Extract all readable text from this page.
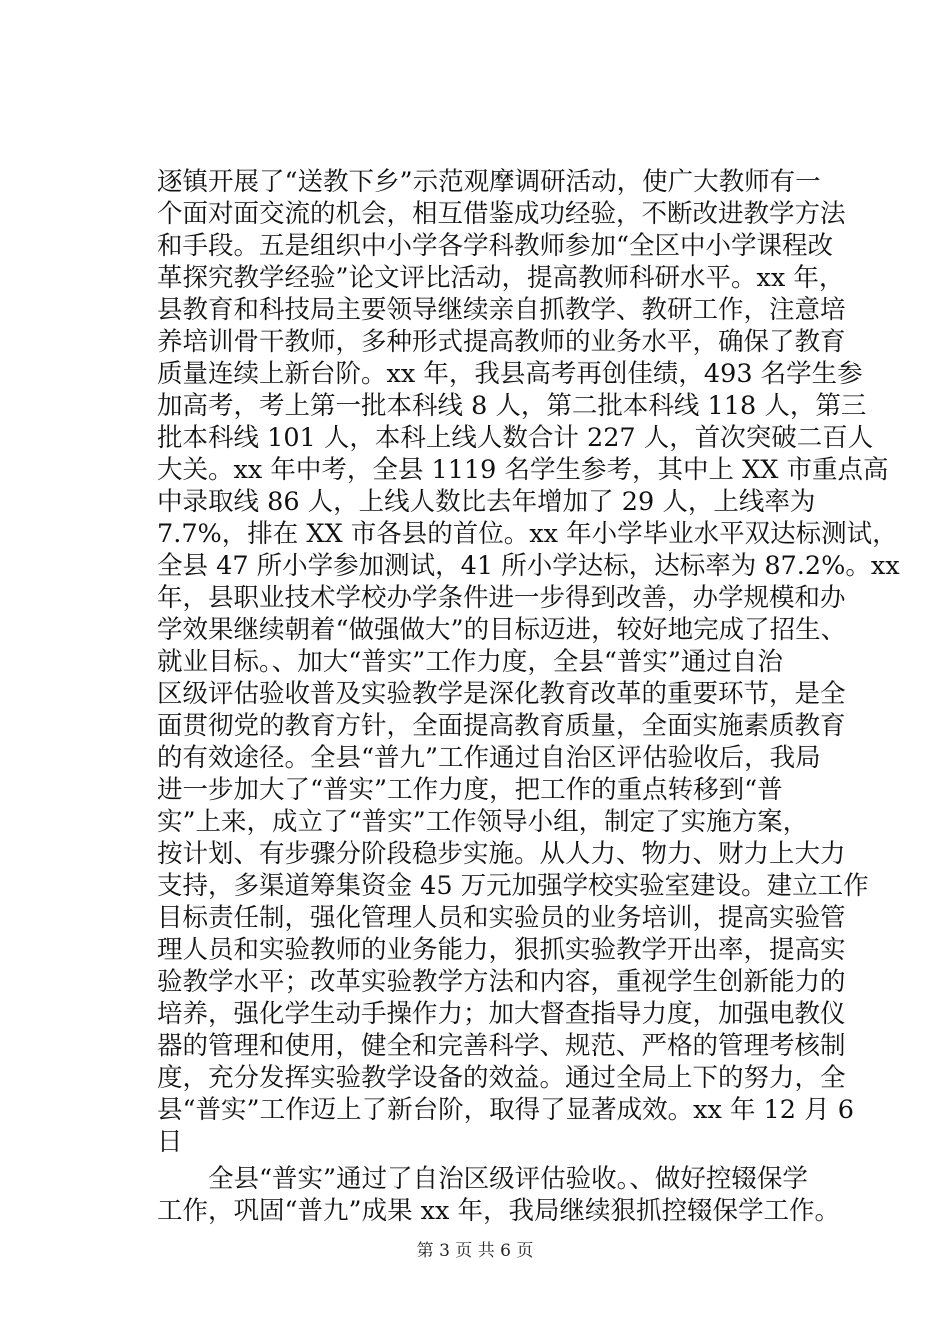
逐镇开展了“送教下乡”示范观摩调研活动，使广大教师有一
个面对面交流的机会，相互借鉴成功经验，不断改进教学方法
和手段。五是组织中小学各学科教师参加“全区中小学课程改
革探究教学经验”论文评比活动，提高教师科研水平。xx 年，
县教育和科技局主要领导继续亲自抓教学、教研工作，注意培
养培训骨干教师，多种形式提高教师的业务水平，确保了教育
质量连续上新台阶。xx 年，我县高考再创佳绩，493 名学生参
加高考，考上第一批本科线 8 人，第二批本科线 118 人，第三
批本科线 101 人，本科上线人数合计 227 人，首次突破二百人
大关。xx 年中考，全县 1119 名学生参考，其中上 XX 市重点高
中录取线 86 人，上线人数比去年增加了 29 人，上线率为
7.7%，排在 XX 市各县的首位。xx 年小学毕业水平双达标测试，
全县 47 所小学参加测试，41 所小学达标，达标率为 87.2%。xx
年，县职业技术学校办学条件进一步得到改善，办学规模和办
学效果继续朝着“做强做大”的目标迈进，较好地完成了招生、
就业目标。、加大“普实”工作力度，全县“普实”通过自治
区级评估验收普及实验教学是深化教育改革的重要环节，是全
面贯彻党的教育方针，全面提高教育质量，全面实施素质教育
的有效途径。全县“普九”工作通过自治区评估验收后，我局
进一步加大了“普实”工作力度，把工作的重点转移到“普
实”上来，成立了“普实”工作领导小组，制定了实施方案，
按计划、有步骤分阶段稳步实施。从人力、物力、财力上大力
支持，多渠道筹集资金 45 万元加强学校实验室建设。建立工作
目标责任制，强化管理人员和实验员的业务培训，提高实验管
理人员和实验教师的业务能力，狠抓实验教学开出率，提高实
验教学水平；改革实验教学方法和内容，重视学生创新能力的
培养，强化学生动手操作力；加大督查指导力度，加强电教仪
器的管理和使用，健全和完善科学、规范、严格的管理考核制
度，充分发挥实验教学设备的效益。通过全局上下的努力，全
县“普实”工作迈上了新台阶，取得了显著成效。xx 年 12 月 6
日
　　全县“普实”通过了自治区级评估验收。、做好控辍保学
工作，巩固“普九”成果 xx 年，我局继续狠抓控辍保学工作。
第 3 页 共 6 页
